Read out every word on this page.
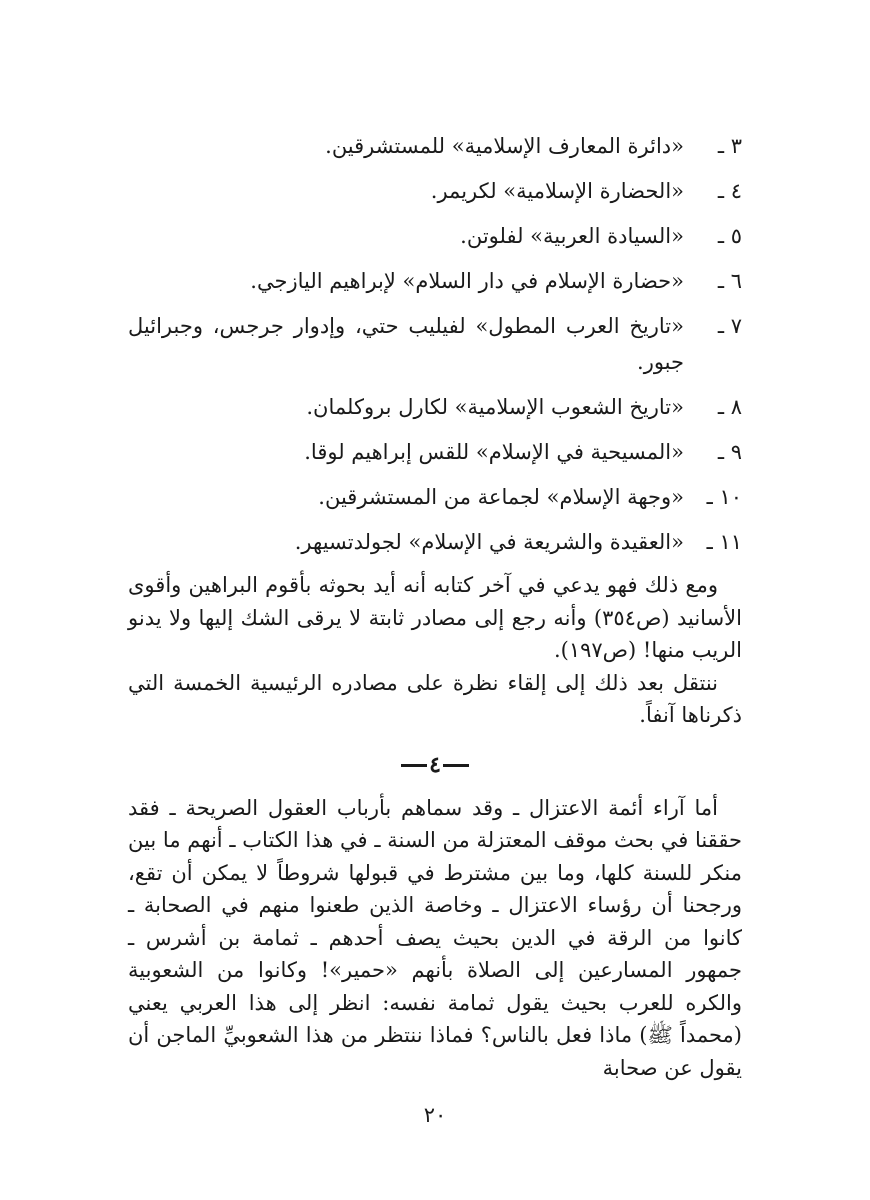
٣ ـ
«دائرة المعارف الإسلامية» للمستشرقين.
٤ ـ
«الحضارة الإسلامية» لكريمر.
٥ ـ
«السيادة العربية» لفلوتن.
٦ ـ
«حضارة الإسلام في دار السلام» لإبراهيم اليازجي.
٧ ـ
«تاريخ العرب المطول» لفيليب حتي، وإدوار جرجس، وجبرائيل جبور.
٨ ـ
«تاريخ الشعوب الإسلامية» لكارل بروكلمان.
٩ ـ
«المسيحية في الإسلام» للقس إبراهيم لوقا.
١٠ ـ
«وجهة الإسلام» لجماعة من المستشرقين.
١١ ـ
«العقيدة والشريعة في الإسلام» لجولدتسيهر.

ومع ذلك فهو يدعي في آخر كتابه أنه أيد بحوثه بأقوم البراهين وأقوى الأسانيد (ص٣٥٤) وأنه رجع إلى مصادر ثابتة لا يرقى الشك إليها ولا يدنو الريب منها! (ص١٩٧).

ننتقل بعد ذلك إلى إلقاء نظرة على مصادره الرئيسية الخمسة التي ذكرناها آنفاً.

٤

أما آراء أئمة الاعتزال ـ وقد سماهم بأرباب العقول الصريحة ـ فقد حققنا في بحث موقف المعتزلة من السنة ـ في هذا الكتاب ـ أنهم ما بين منكر للسنة كلها، وما بين مشترط في قبولها شروطاً لا يمكن أن تقع، ورجحنا أن رؤساء الاعتزال ـ وخاصة الذين طعنوا منهم في الصحابة ـ كانوا من الرقة في الدين بحيث يصف أحدهم ـ ثمامة بن أشرس ـ جمهور المسارعين إلى الصلاة بأنهم «حمير»! وكانوا من الشعوبية والكره للعرب بحيث يقول ثمامة نفسه: انظر إلى هذا العربي يعني (محمداً ﷺ) ماذا فعل بالناس؟ فماذا ننتظر من هذا الشعوبيِّ الماجن أن يقول عن صحابة

٢٠
